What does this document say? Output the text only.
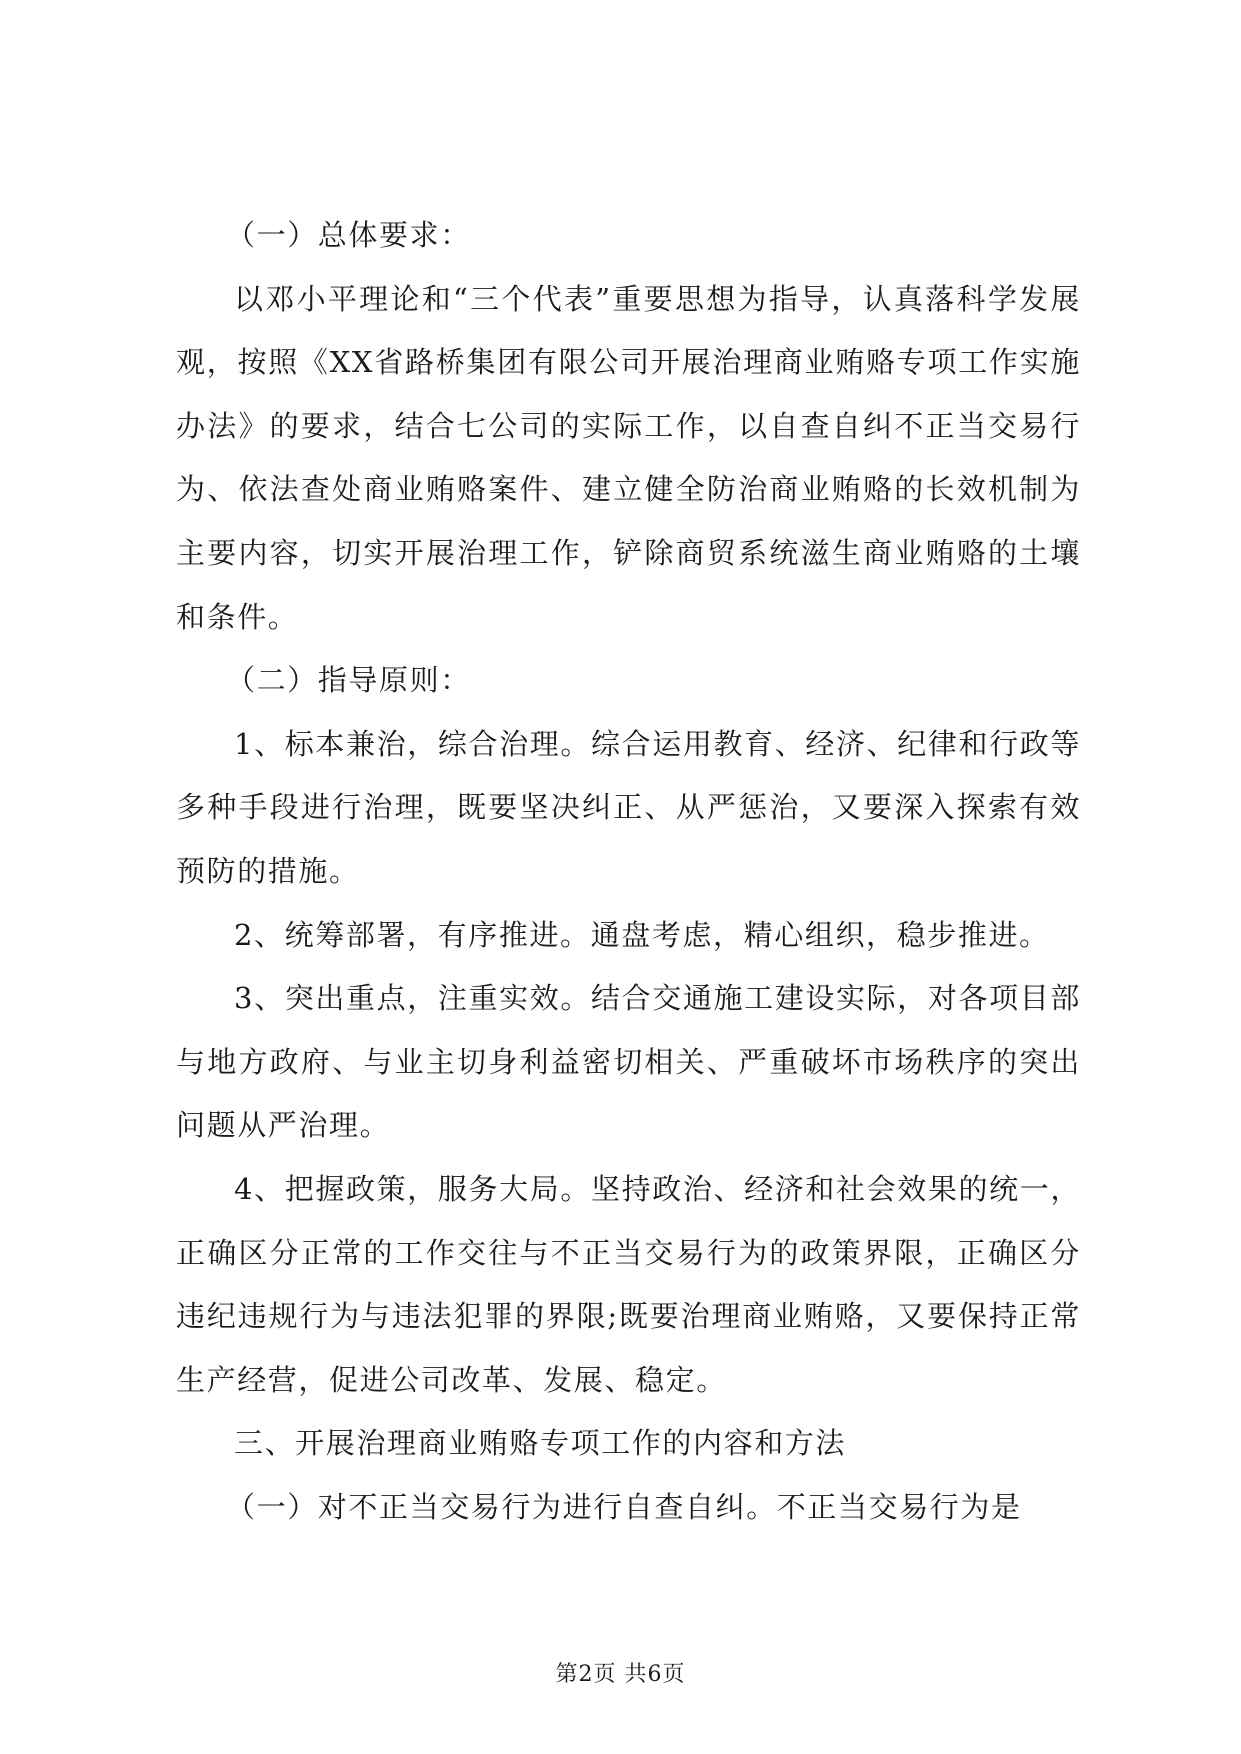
（一）总体要求：

以邓小平理论和“三个代表”重要思想为指导，认真落科学发展观，按照《XX省路桥集团有限公司开展治理商业贿赂专项工作实施办法》的要求，结合七公司的实际工作，以自查自纠不正当交易行为、依法查处商业贿赂案件、建立健全防治商业贿赂的长效机制为主要内容，切实开展治理工作，铲除商贸系统滋生商业贿赂的土壤和条件。

（二）指导原则：

1、标本兼治，综合治理。综合运用教育、经济、纪律和行政等多种手段进行治理，既要坚决纠正、从严惩治，又要深入探索有效预防的措施。

2、统筹部署，有序推进。通盘考虑，精心组织，稳步推进。

3、突出重点，注重实效。结合交通施工建设实际，对各项目部与地方政府、与业主切身利益密切相关、严重破坏市场秩序的突出问题从严治理。

4、把握政策，服务大局。坚持政治、经济和社会效果的统一，正确区分正常的工作交往与不正当交易行为的政策界限，正确区分违纪违规行为与违法犯罪的界限;既要治理商业贿赂，又要保持正常生产经营，促进公司改革、发展、稳定。

三、开展治理商业贿赂专项工作的内容和方法

（一）对不正当交易行为进行自查自纠。不正当交易行为是

第2页 共6页
